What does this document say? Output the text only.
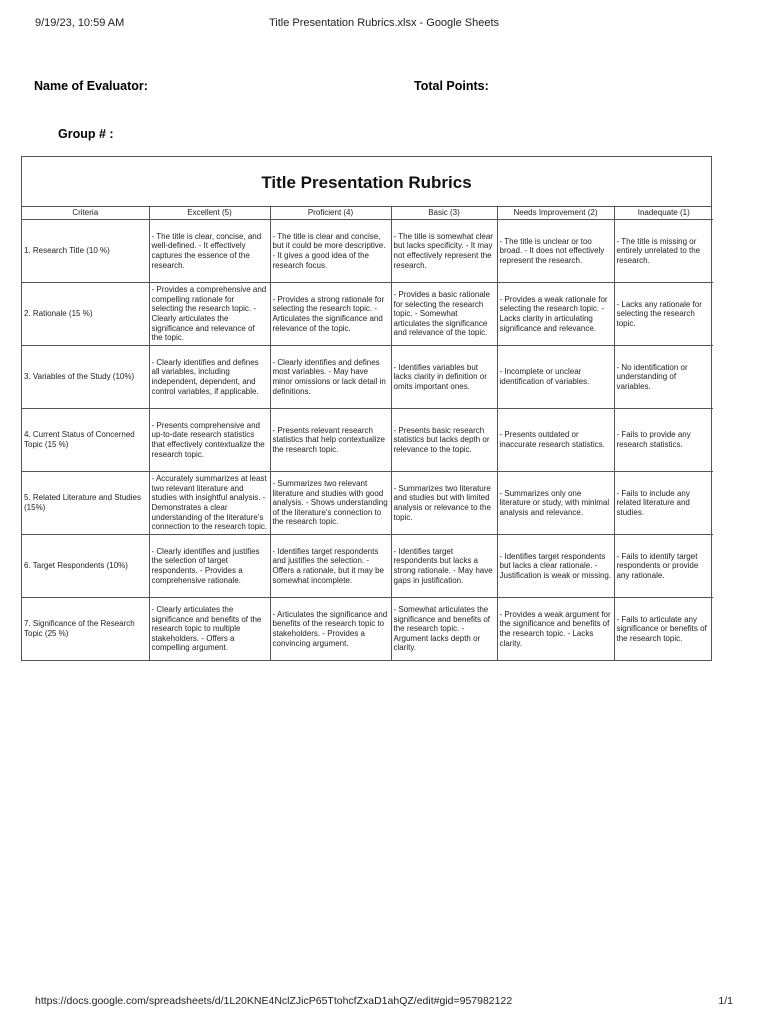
9/19/23, 10:59 AM	Title Presentation Rubrics.xlsx - Google Sheets
Name of Evaluator:	Total Points:
Group # :
Title Presentation Rubrics
Criteria	Excellent (5)	Proficient (4)	Basic (3)	Needs Improvement (2)	Inadequate (1)
1. Research Title (10 %)	- The title is clear, concise, and well-defined. - It effectively captures the essence of the research.	- The title is clear and concise, but it could be more descriptive. - It gives a good idea of the research focus.	- The title is somewhat clear but lacks specificity. - It may not effectively represent the research.	- The title is unclear or too broad. - It does not effectively represent the research.	- The title is missing or entirely unrelated to the research.
2. Rationale (15 %)	- Provides a comprehensive and compelling rationale for selecting the research topic. - Clearly articulates the significance and relevance of the topic.	- Provides a strong rationale for selecting the research topic. - Articulates the significance and relevance of the topic.	- Provides a basic rationale for selecting the research topic. - Somewhat articulates the significance and relevance of the topic.	- Provides a weak rationale for selecting the research topic. - Lacks clarity in articulating significance and relevance.	- Lacks any rationale for selecting the research topic.
3. Variables of the Study (10%)	- Clearly identifies and defines all variables, including independent, dependent, and control variables, if applicable.	- Clearly identifies and defines most variables. - May have minor omissions or lack detail in definitions.	- Identifies variables but lacks clarity in definition or omits important ones.	- Incomplete or unclear identification of variables.	- No identification or understanding of variables.
4. Current Status of Concerned Topic (15 %)	- Presents comprehensive and up-to-date research statistics that effectively contextualize the research topic.	- Presents relevant research statistics that help contextualize the research topic.	- Presents basic research statistics but lacks depth or relevance to the topic.	- Presents outdated or inaccurate research statistics.	- Fails to provide any research statistics.
5. Related Literature and Studies (15%)	- Accurately summarizes at least two relevant literature and studies with insightful analysis. - Demonstrates a clear understanding of the literature's connection to the research topic.	- Summarizes two relevant literature and studies with good analysis. - Shows understanding of the literature's connection to the research topic.	- Summarizes two literature and studies but with limited analysis or relevance to the topic.	- Summarizes only one literature or study, with minimal analysis and relevance.	- Fails to include any related literature and studies.
6. Target Respondents (10%)	- Clearly identifies and justifies the selection of target respondents. - Provides a comprehensive rationale.	- Identifies target respondents and justifies the selection. - Offers a rationale, but it may be somewhat incomplete.	- Identifies target respondents but lacks a strong rationale. - May have gaps in justification.	- Identifies target respondents but lacks a clear rationale. - Justification is weak or missing.	- Fails to identify target respondents or provide any rationale.
7. Significance of the Research Topic (25 %)	- Clearly articulates the significance and benefits of the research topic to multiple stakeholders. - Offers a compelling argument.	- Articulates the significance and benefits of the research topic to stakeholders. - Provides a convincing argument.	- Somewhat articulates the significance and benefits of the research topic. - Argument lacks depth or clarity.	- Provides a weak argument for the significance and benefits of the research topic. - Lacks clarity.	- Fails to articulate any significance or benefits of the research topic.
https://docs.google.com/spreadsheets/d/1L20KNE4NclZJicP65TtohcfZxaD1ahQZ/edit#gid=957982122	1/1
